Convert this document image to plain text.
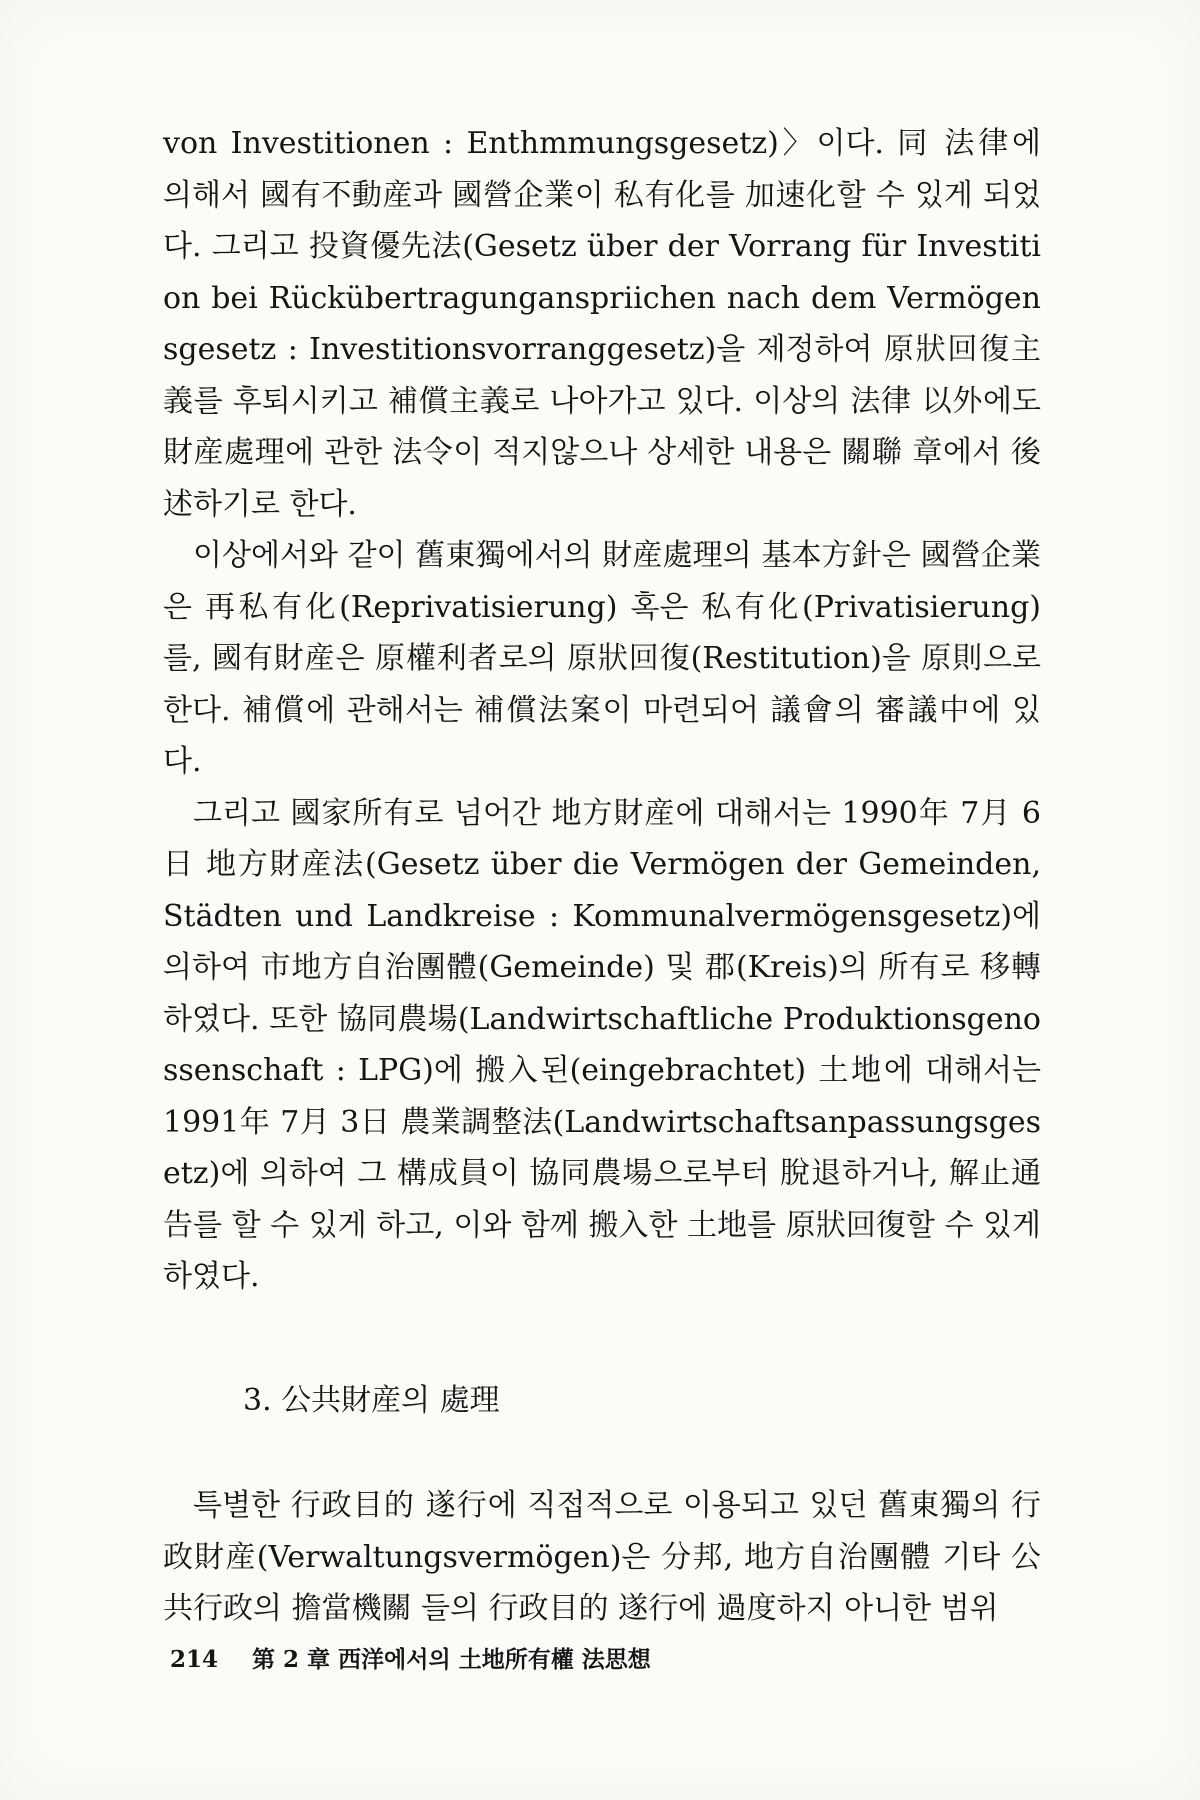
von Investitionen : Enthmmungsgesetz)〉이다. 同 法律에 의해서 國有不動産과 國營企業이 私有化를 加速化할 수 있게 되었다. 그리고 投資優先法(Gesetz über der Vorrang für Investition bei Rückübertragunganspriichen nach dem Vermögensgesetz : Investitionsvorranggesetz)을 제정하여 原狀回復主義를 후퇴시키고 補償主義로 나아가고 있다. 이상의 法律 以外에도 財産處理에 관한 法令이 적지않으나 상세한 내용은 關聯 章에서 後述하기로 한다.

이상에서와 같이 舊東獨에서의 財産處理의 基本方針은 國營企業은 再私有化(Reprivatisierung) 혹은 私有化(Privatisierung)를, 國有財産은 原權利者로의 原狀回復(Restitution)을 原則으로 한다. 補償에 관해서는 補償法案이 마련되어 議會의 審議中에 있다.

그리고 國家所有로 넘어간 地方財産에 대해서는 1990年 7月 6日 地方財産法(Gesetz über die Vermögen der Gemeinden, Städten und Landkreise : Kommunalvermögensgesetz)에 의하여 市地方自治團體(Gemeinde) 및 郡(Kreis)의 所有로 移轉하였다. 또한 協同農場(Landwirtschaftliche Produktionsgenossenschaft : LPG)에 搬入된(eingebrachtet) 土地에 대해서는 1991年 7月 3日 農業調整法(Landwirtschaftsanpassungsgesetz)에 의하여 그 構成員이 協同農場으로부터 脫退하거나, 解止通告를 할 수 있게 하고, 이와 함께 搬入한 土地를 原狀回復할 수 있게 하였다.

3. 公共財産의 處理

특별한 行政目的 遂行에 직접적으로 이용되고 있던 舊東獨의 行政財産(Verwaltungsvermögen)은 分邦, 地方自治團體 기타 公共行政의 擔當機關 들의 行政目的 遂行에 過度하지 아니한 범위

214 第 2 章 西洋에서의 土地所有權 法思想
